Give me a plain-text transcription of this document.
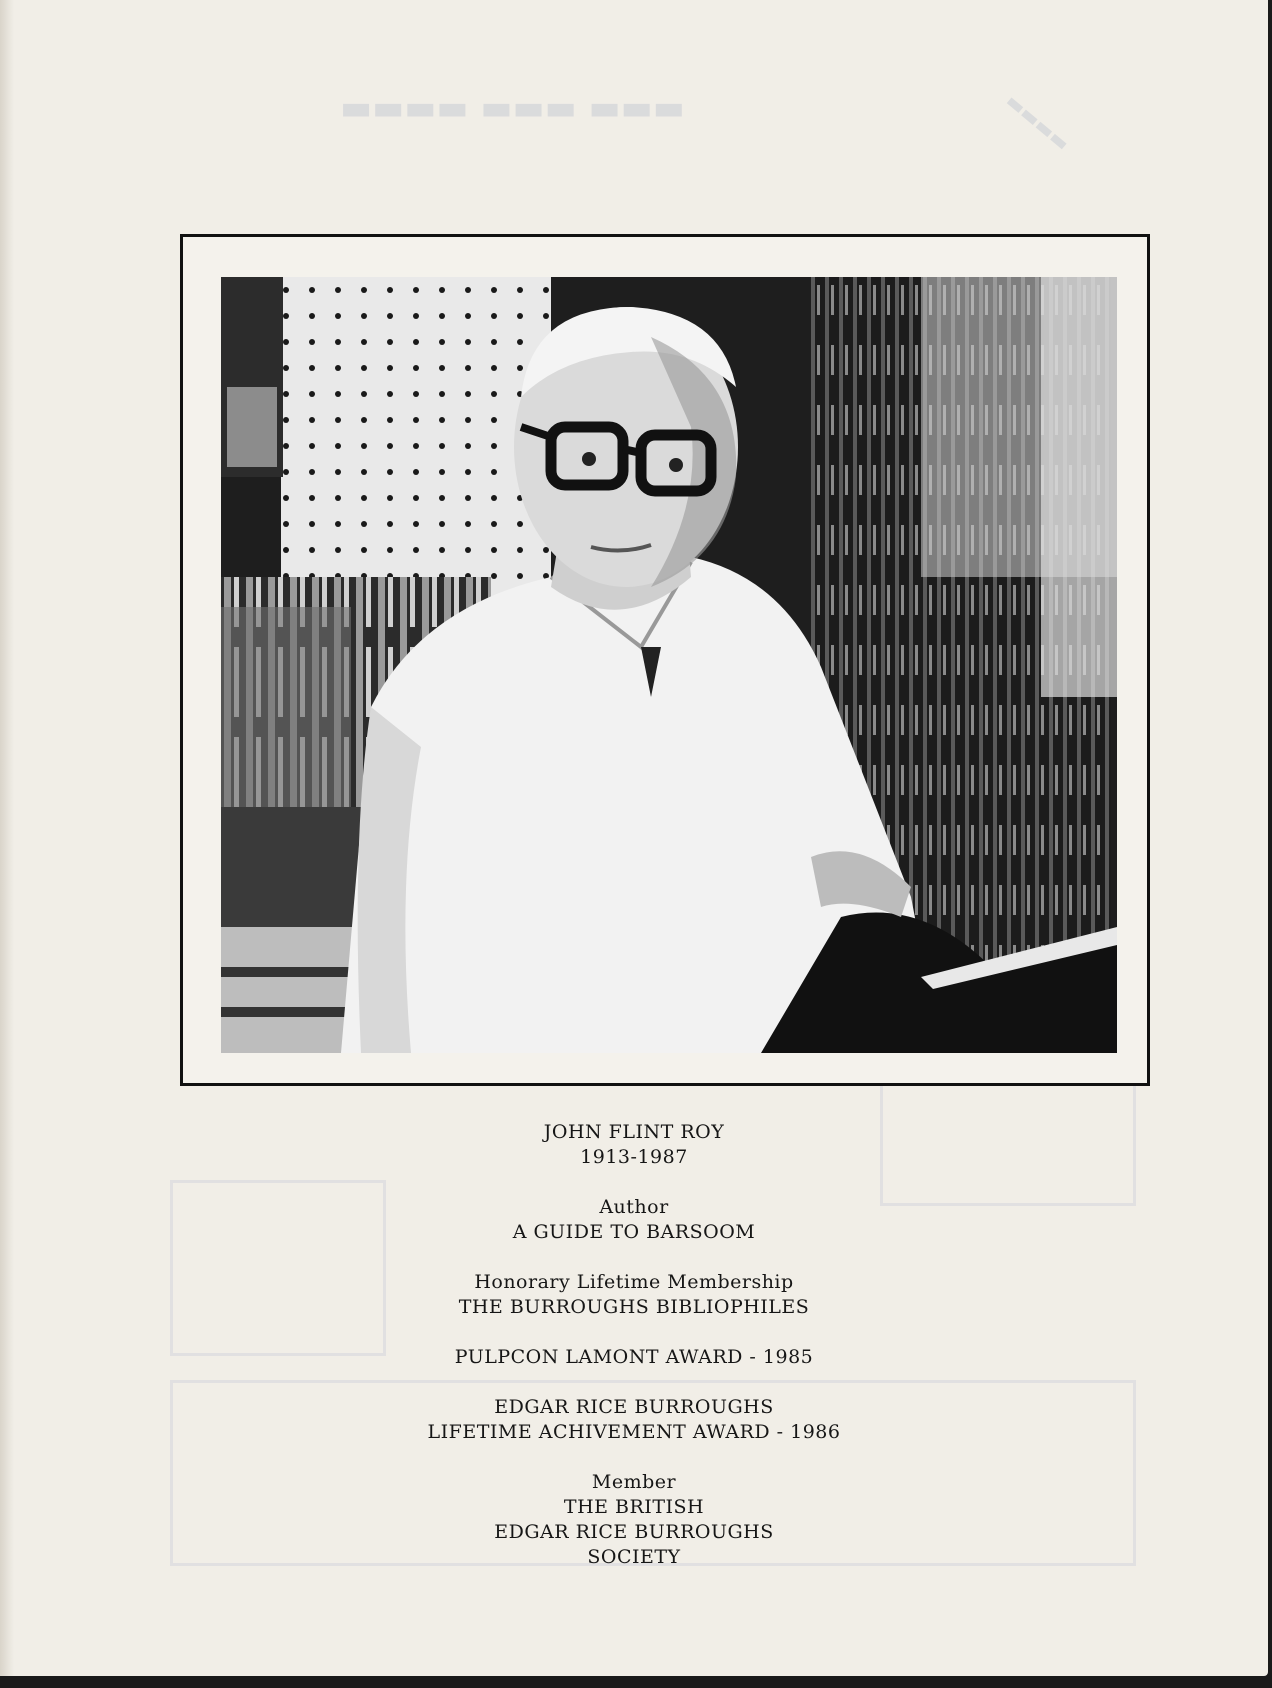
▬▬▬ ▬▬▬ ▬▬▬▬	▬▬▬▬
JOHN FLINT ROY
1913-1987
Author
A GUIDE TO BARSOOM
Honorary Lifetime Membership
THE BURROUGHS BIBLIOPHILES
PULPCON LAMONT AWARD - 1985
EDGAR RICE BURROUGHS
LIFETIME ACHIVEMENT AWARD - 1986
Member
THE BRITISH
EDGAR RICE BURROUGHS
SOCIETY
